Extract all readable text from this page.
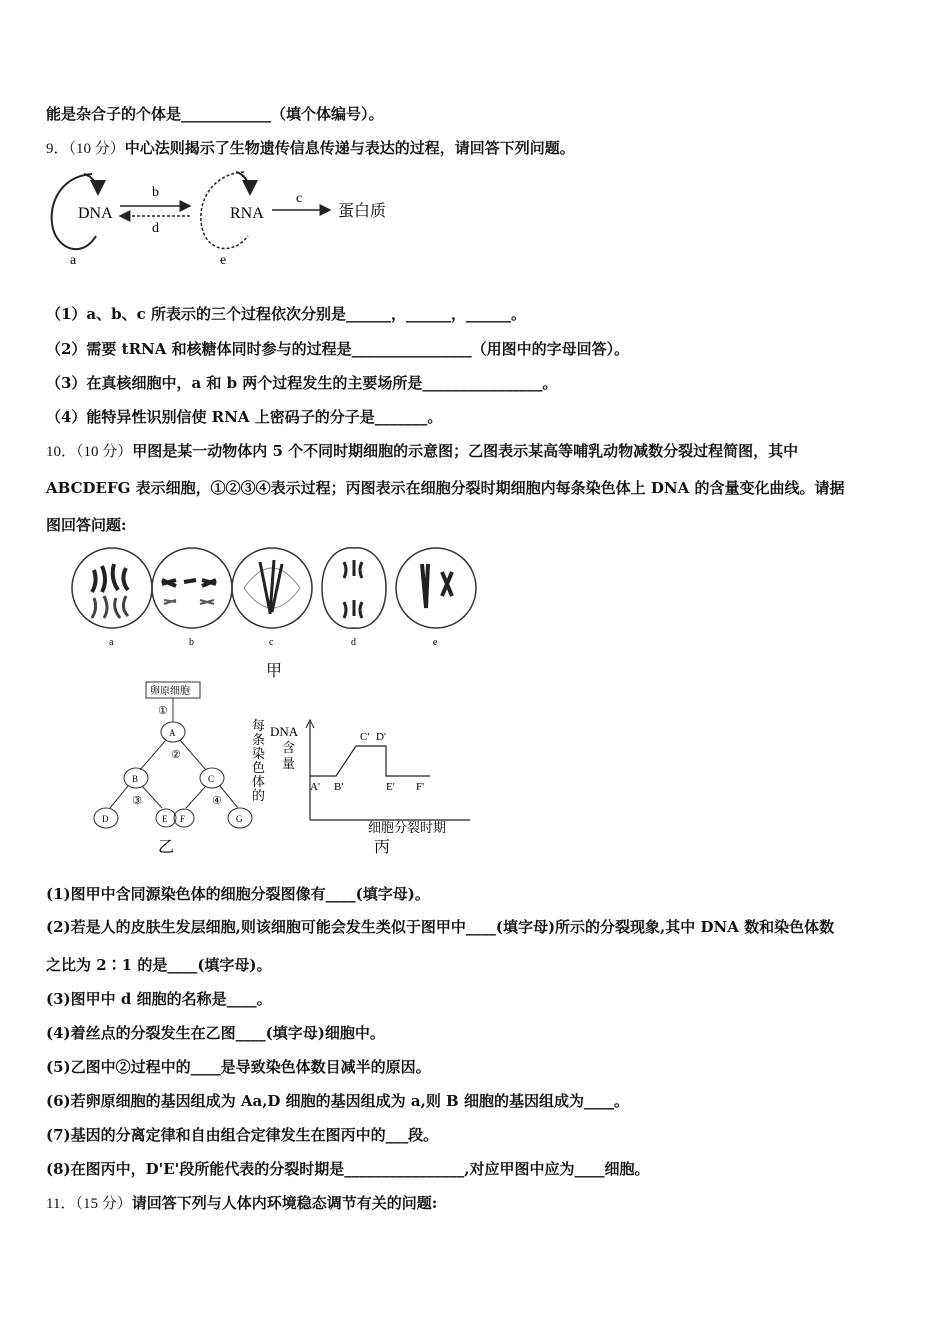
能是杂合子的个体是____________（填个体编号）。
9．（10 分）中心法则揭示了生物遗传信息传递与表达的过程，请回答下列问题。
DNA
a
b
d
RNA
e
c
蛋白质
（1）a、b、c 所表示的三个过程依次分别是______，______，______。
（2）需要 tRNA 和核糖体同时参与的过程是________________（用图中的字母回答）。
（3）在真核细胞中，a 和 b 两个过程发生的主要场所是________________。
（4）能特异性识别信使 RNA 上密码子的分子是_______。
10．（10 分）甲图是某一动物体内 5 个不同时期细胞的示意图；乙图表示某高等哺乳动物减数分裂过程简图，其中
ABCDEFG 表示细胞，①②③④表示过程；丙图表示在细胞分裂时期细胞内每条染色体上 DNA 的含量变化曲线。请据
图回答问题:
a	b	c	d	e
甲
卵原细胞
①
A
②
B	C
③	④
D	E F	G
乙
每
条
染
色
体
的
DNA
含
量
A' B'
C' D'
E' F'
细胞分裂时期
丙
(1)图甲中含同源染色体的细胞分裂图像有____(填字母)。
(2)若是人的皮肤生发层细胞,则该细胞可能会发生类似于图甲中____(填字母)所示的分裂现象,其中 DNA 数和染色体数
之比为 2∶1 的是____(填字母)。
(3)图甲中 d 细胞的名称是____。
(4)着丝点的分裂发生在乙图____(填字母)细胞中。
(5)乙图中②过程中的____是导致染色体数目减半的原因。
(6)若卵原细胞的基因组成为 Aa,D 细胞的基因组成为 a,则 B 细胞的基因组成为____。
(7)基因的分离定律和自由组合定律发生在图丙中的___段。
(8)在图丙中，D'E'段所能代表的分裂时期是________________,对应甲图中应为____细胞。
11．（15 分）请回答下列与人体内环境稳态调节有关的问题:
